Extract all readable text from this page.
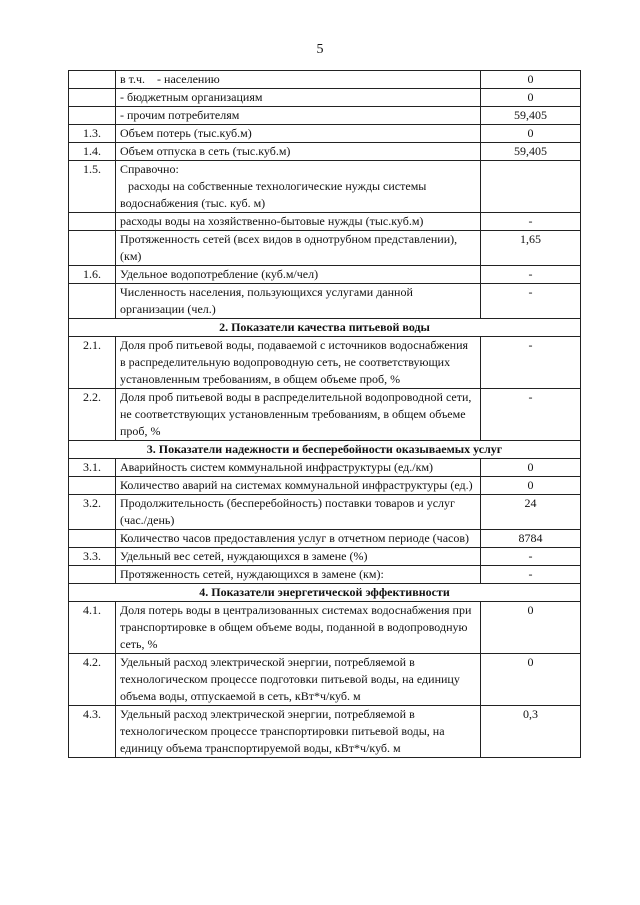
5
	в т.ч.    - населению	0
	- бюджетным организациям	0
	- прочим потребителям	59,405
1.3.	Объем потерь (тыс.куб.м)	0
1.4.	Объем отпуска в сеть (тыс.куб.м)	59,405
1.5.	Справочно:

расходы на собственные технологические нужды системы
водоснабжения (тыс. куб. м)	
	расходы воды на хозяйственно-бытовые нужды (тыс.куб.м)	-
	Протяженность сетей (всех видов в однотрубном представлении), (км)	1,65
1.6.	Удельное водопотребление (куб.м/чел)	-
	Численность населения, пользующихся услугами данной организации (чел.)	-
2. Показатели качества питьевой воды		
2.1.	Доля проб питьевой воды, подаваемой с источников водоснабжения в распределительную водопроводную сеть, не соответствующих установленным требованиям, в общем объеме проб, %	-
2.2.	Доля проб питьевой воды в распределительной водопроводной сети, не соответствующих установленным требованиям, в общем объеме проб, %	-
3. Показатели надежности и бесперебойности оказываемых услуг		
3.1.	Аварийность систем коммунальной инфраструктуры (ед./км)	0
	Количество аварий на системах коммунальной инфраструктуры (ед.)	0
3.2.	Продолжительность (бесперебойность) поставки товаров и услуг (час./день)	24
	Количество часов предоставления услуг в отчетном периоде (часов)	8784
3.3.	Удельный вес сетей, нуждающихся в замене (%)	-
	Протяженность сетей, нуждающихся в замене (км):	-
4. Показатели энергетической эффективности		
4.1.	Доля потерь воды в централизованных системах водоснабжения при транспортировке в общем объеме воды, поданной в водопроводную сеть, %	0
4.2.	Удельный расход электрической энергии, потребляемой в технологическом процессе подготовки питьевой воды, на единицу объема воды, отпускаемой в сеть, кВт*ч/куб. м	0
4.3.	Удельный расход электрической энергии, потребляемой в технологическом процессе транспортировки питьевой воды, на единицу объема транспортируемой воды, кВт*ч/куб. м	0,3
